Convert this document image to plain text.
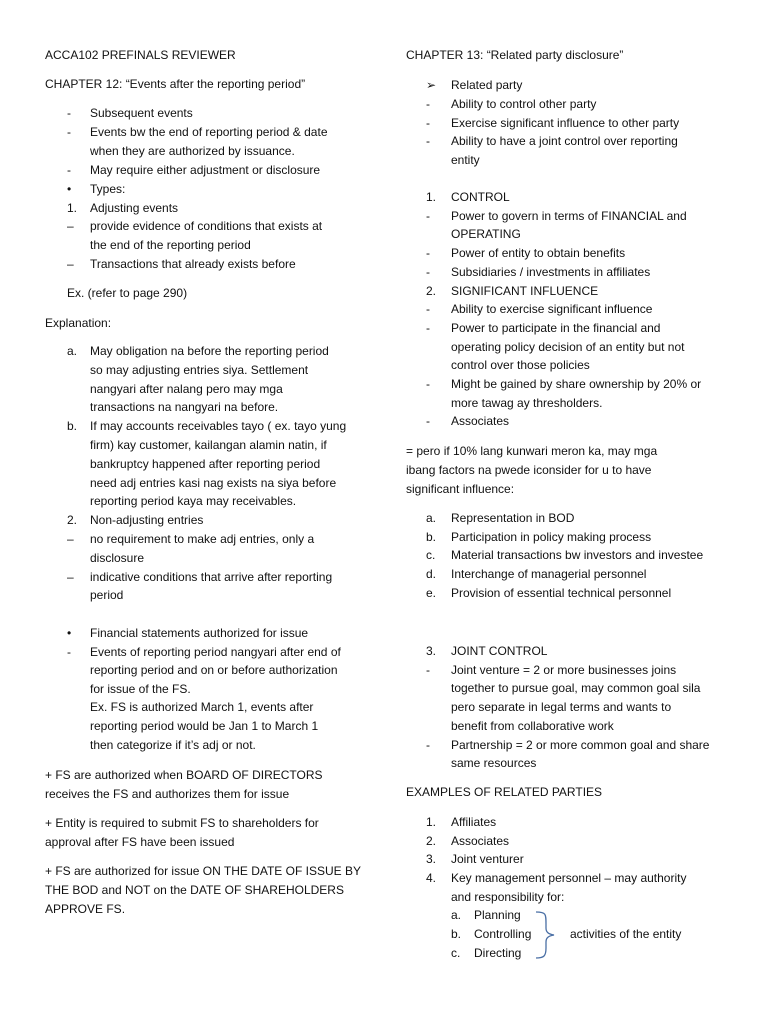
ACCA102 PREFINALS REVIEWER
CHAPTER 12: “Events after the reporting period”
- Subsequent events
- Events bw the end of reporting period & date
when they are authorized by issuance.
- May require either adjustment or disclosure
• Types:
1. Adjusting events
– provide evidence of conditions that exists at
the end of the reporting period
– Transactions that already exists before
Ex. (refer to page 290)
Explanation:
a. May obligation na before the reporting period
so may adjusting entries siya. Settlement
nangyari after nalang pero may mga
transactions na nangyari na before.
b. If may accounts receivables tayo ( ex. tayo yung
firm) kay customer, kailangan alamin natin, if
bankruptcy happened after reporting period
need adj entries kasi nag exists na siya before
reporting period kaya may receivables.
2. Non-adjusting entries
– no requirement to make adj entries, only a
disclosure
– indicative conditions that arrive after reporting
period
• Financial statements authorized for issue
- Events of reporting period nangyari after end of
reporting period and on or before authorization
for issue of the FS.
Ex. FS is authorized March 1, events after
reporting period would be Jan 1 to March 1
then categorize if it’s adj or not.
+ FS are authorized when BOARD OF DIRECTORS
receives the FS and authorizes them for issue
+ Entity is required to submit FS to shareholders for
approval after FS have been issued
+ FS are authorized for issue ON THE DATE OF ISSUE BY
THE BOD and NOT on the DATE OF SHAREHOLDERS
APPROVE FS.
CHAPTER 13: “Related party disclosure”
➢ Related party
- Ability to control other party
- Exercise significant influence to other party
- Ability to have a joint control over reporting
entity
1. CONTROL
- Power to govern in terms of FINANCIAL and
OPERATING
- Power of entity to obtain benefits
- Subsidiaries / investments in affiliates
2. SIGNIFICANT INFLUENCE
- Ability to exercise significant influence
- Power to participate in the financial and
operating policy decision of an entity but not
control over those policies
- Might be gained by share ownership by 20% or
more tawag ay thresholders.
- Associates
= pero if 10% lang kunwari meron ka, may mga
ibang factors na pwede iconsider for u to have
significant influence:
a. Representation in BOD
b. Participation in policy making process
c. Material transactions bw investors and investee
d. Interchange of managerial personnel
e. Provision of essential technical personnel
3. JOINT CONTROL
- Joint venture = 2 or more businesses joins
together to pursue goal, may common goal sila
pero separate in legal terms and wants to
benefit from collaborative work
- Partnership = 2 or more common goal and share
same resources
EXAMPLES OF RELATED PARTIES
1. Affiliates
2. Associates
3. Joint venturer
4. Key management personnel – may authority
and responsibility for:
a. Planning
b. Controlling
c. Directing
activities of the entity
